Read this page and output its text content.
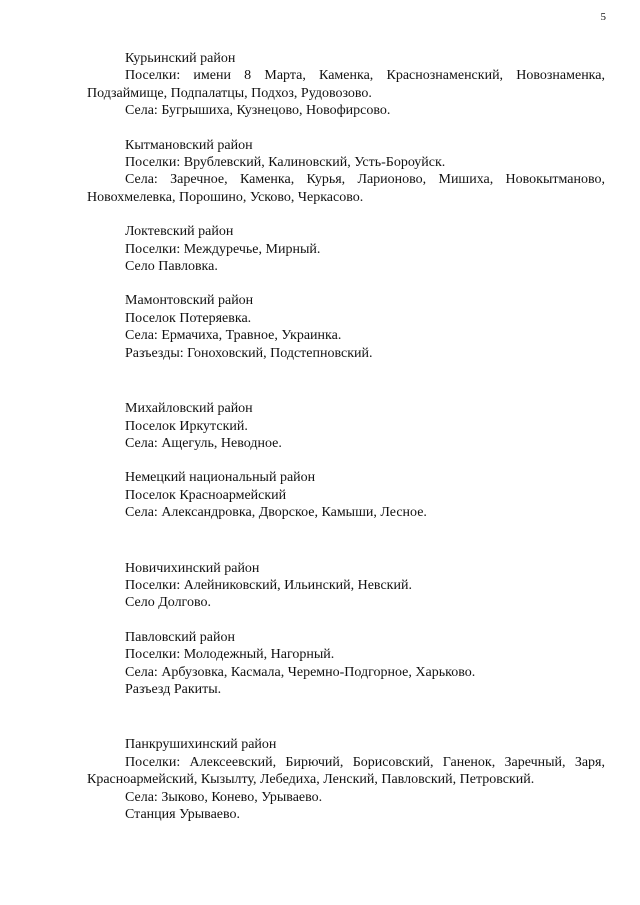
5

Курьинский район

Поселки: имени 8 Марта, Каменка, Краснознаменский, Новознаменка, Подзаймище, Подпалатцы, Подхоз, Рудовозово.

Села: Бугрышиха, Кузнецово, Новофирсово.

Кытмановский район

Поселки: Врублевский, Калиновский, Усть-Бороуйск.

Села: Заречное, Каменка, Курья, Ларионово, Мишиха, Новокытманово, Новохмелевка, Порошино, Усково, Черкасово.

Локтевский район

Поселки: Междуречье, Мирный.

Село Павловка.

Мамонтовский район

Поселок Потеряевка.

Села: Ермачиха, Травное, Украинка.

Разъезды: Гоноховский, Подстепновский.

Михайловский район

Поселок Иркутский.

Села: Ащегуль, Неводное.

Немецкий национальный район

Поселок Красноармейский

Села: Александровка, Дворское, Камыши, Лесное.

Новичихинский район

Поселки: Алейниковский, Ильинский, Невский.

Село Долгово.

Павловский район

Поселки: Молодежный, Нагорный.

Села: Арбузовка, Касмала, Черемно-Подгорное, Харьково.

Разъезд Ракиты.

Панкрушихинский район

Поселки: Алексеевский, Бирючий, Борисовский, Ганенок, Заречный, Заря, Красноармейский, Кызылту, Лебедиха, Ленский, Павловский, Петровский.

Села: Зыково, Конево, Урываево.

Станция Урываево.
